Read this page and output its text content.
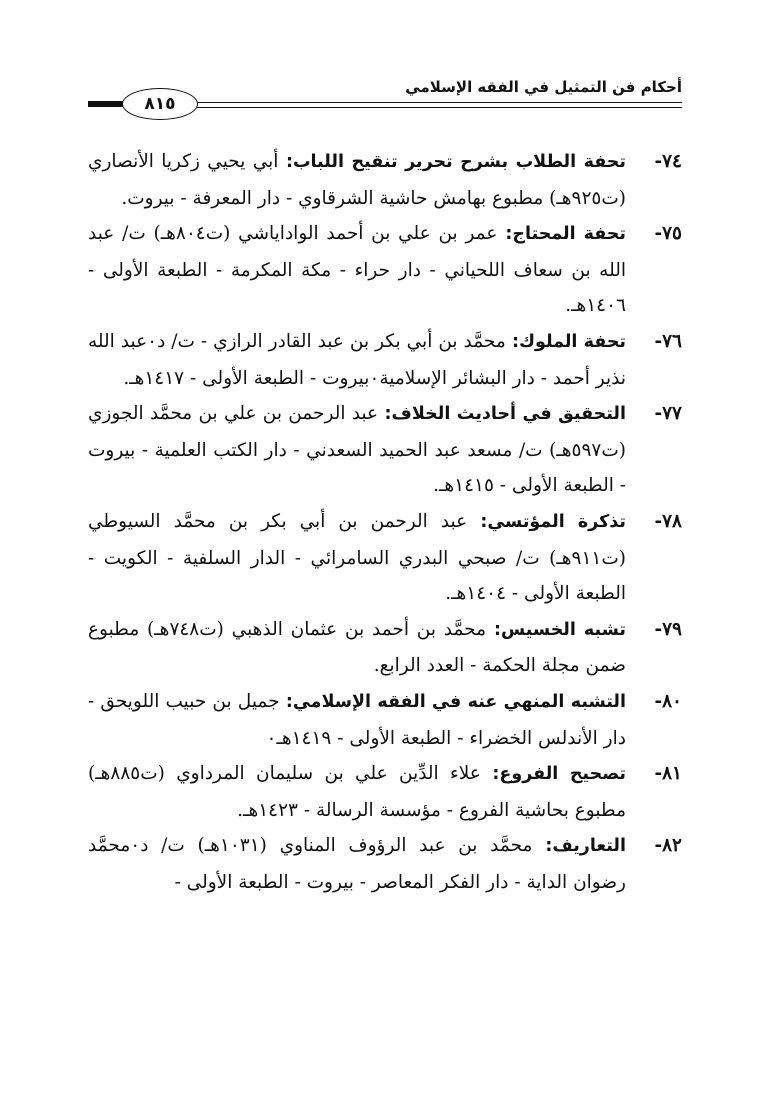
أحكام فن التمثيل في الفقه الإسلامي
٨١٥

٧٤-
تحفة الطلاب بشرح تحرير تنقيح اللباب: أبي يحيي زكريا الأنصاري (ت٩٢٥هـ) مطبوع بهامش حاشية الشرقاوي - دار المعرفة - بيروت.

٧٥-
تحفة المحتاج: عمر بن علي بن أحمد الواداياشي (ت٨٠٤هـ) ت/ عبد الله بن سعاف اللحياني - دار حراء - مكة المكرمة - الطبعة الأولى - ١٤٠٦هـ.

٧٦-
تحفة الملوك: محمَّد بن أبي بكر بن عبد القادر الرازي - ت/ د٠عبد الله نذير أحمد - دار البشائر الإسلامية٠بيروت - الطبعة الأولى - ١٤١٧هـ.

٧٧-
التحقيق في أحاديث الخلاف: عبد الرحمن بن علي بن محمَّد الجوزي (ت٥٩٧هـ) ت/ مسعد عبد الحميد السعدني - دار الكتب العلمية - بيروت - الطبعة الأولى - ١٤١٥هـ.

٧٨-
تذكرة المؤتسي: عبد الرحمن بن أبي بكر بن محمَّد السيوطي (ت٩١١هـ) ت/ صبحي البدري السامرائي - الدار السلفية - الكويت - الطبعة الأولى - ١٤٠٤هـ.

٧٩-
تشبه الخسيس: محمَّد بن أحمد بن عثمان الذهبي (ت٧٤٨هـ) مطبوع ضمن مجلة الحكمة - العدد الرابع.

٨٠-
التشبه المنهي عنه في الفقه الإسلامي: جميل بن حبيب اللويحق - دار الأندلس الخضراء - الطبعة الأولى - ١٤١٩هـ٠

٨١-
تصحيح الفروع: علاء الدِّين علي بن سليمان المرداوي (ت٨٨٥هـ) مطبوع بحاشية الفروع - مؤسسة الرسالة - ١٤٢٣هـ.

٨٢-
التعاريف: محمَّد بن عبد الرؤوف المناوي (١٠٣١هـ) ت/ د٠محمَّد رضوان الداية - دار الفكر المعاصر - بيروت - الطبعة الأولى -
